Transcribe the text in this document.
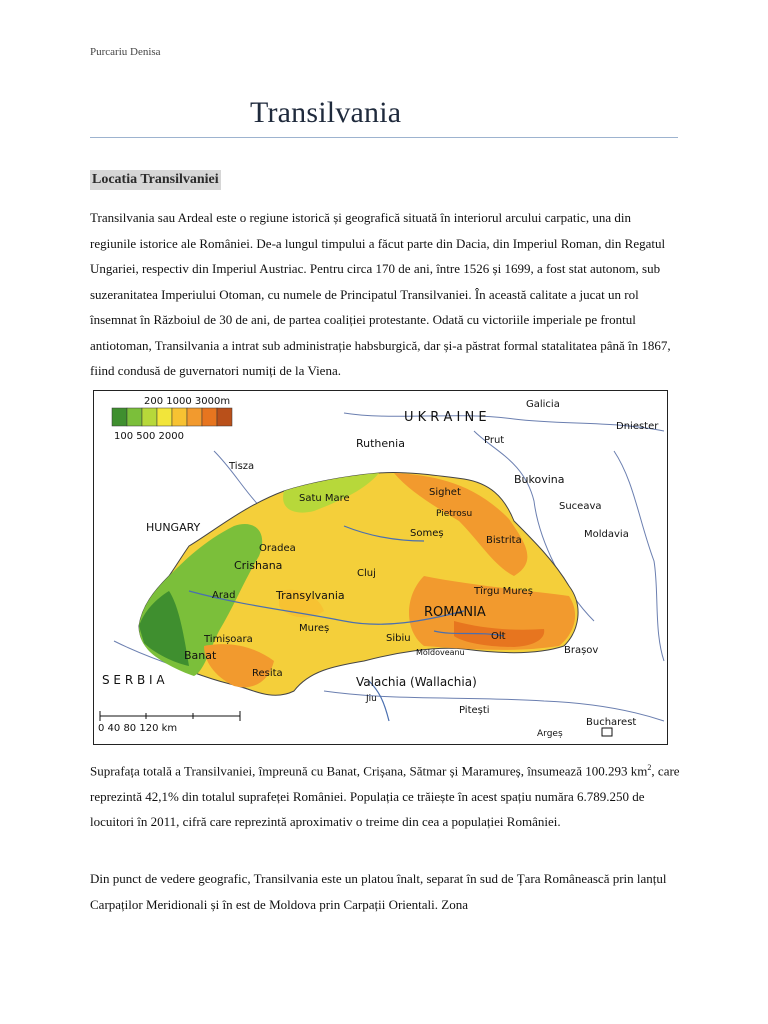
Purcariu Denisa
Transilvania
Locatia Transilvaniei

Transilvania sau Ardeal este o regiune istorică și geografică situată în interiorul arcului carpatic, una din regiunile istorice ale României. De-a lungul timpului a făcut parte din Dacia, din Imperiul Roman, din Regatul Ungariei, respectiv din Imperiul Austriac. Pentru circa 170 de ani, între 1526 și 1699, a fost stat autonom, sub suzeranitatea Imperiului Otoman, cu numele de Principatul Transilvaniei. În această calitate a jucat un rol însemnat în Războiul de 30 de ani, de partea coaliției protestante. Odată cu victoriile imperiale pe frontul antiotoman, Transilvania a intrat sub administrație habsburgică, dar și-a păstrat formal statalitatea până în 1867, fiind condusă de guvernatori numiți de la Viena.

200 1000 3000m
100 500 2000
U K R A I N E
Ruthenia
Galicia
Dniester
Prut
Tisza
Bukovina
Suceava
Moldavia
HUNGARY
Satu Mare
Sighet
Pietrosu
Someș
Bistrita
Oradea
Crishana
Cluj
Tîrgu Mureș
Arad	Transylvania
ROMANIA
Mureș
Timișoara
Banat
Sibiu	Olt
Brașov
Moldoveanu
Resita
S E R B I A	Valachia (Wallachia)
Jiu
Pitești
Bucharest
Argeș
0 40 80 120 km

Suprafața totală a Transilvaniei, împreună cu Banat, Crișana, Sătmar și Maramureș, însumează 100.293 $km^2$, care reprezintă 42,1% din totalul suprafeței României. Populația ce trăiește în acest spațiu număra 6.789.250 de locuitori în 2011, cifră care reprezintă aproximativ o treime din cea a populației României.

Din punct de vedere geografic, Transilvania este un platou înalt, separat în sud de Țara Românească prin lanțul Carpaților Meridionali și în est de Moldova prin Carpații Orientali. Zona
